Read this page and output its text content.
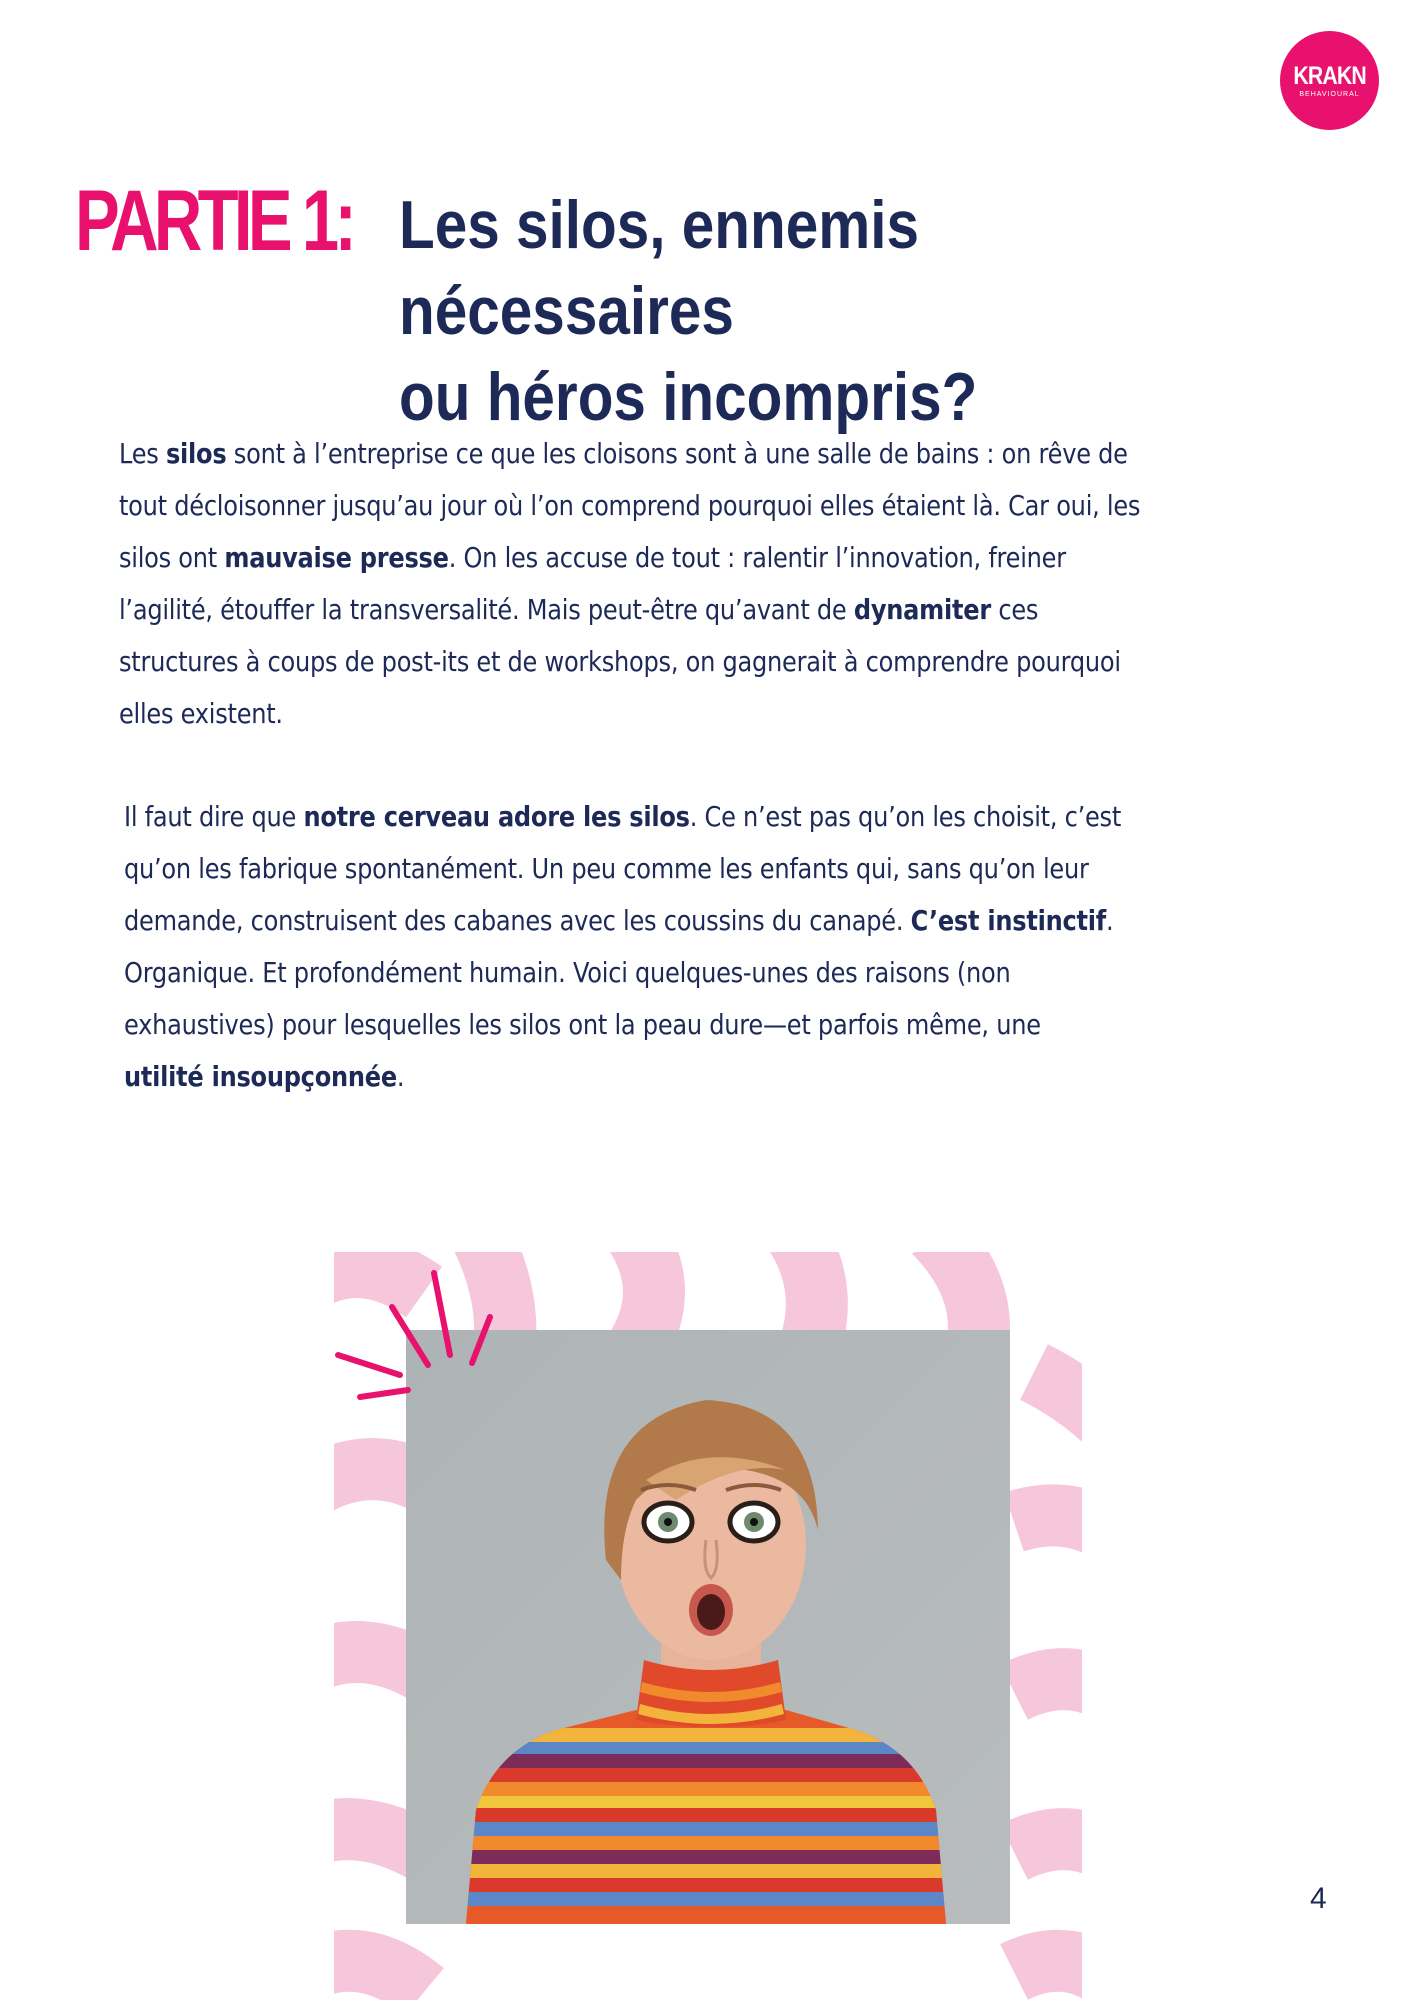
KRAKN
BEHAVIOURAL
PARTIE 1: Les silos, ennemis nécessaires
ou héros incompris?
Les silos sont à l’entreprise ce que les cloisons sont à une salle de bains : on rêve de
tout décloisonner jusqu’au jour où l’on comprend pourquoi elles étaient là. Car oui, les
silos ont mauvaise presse. On les accuse de tout : ralentir l’innovation, freiner
l’agilité, étouffer la transversalité. Mais peut-être qu’avant de dynamiter ces
structures à coups de post-its et de workshops, on gagnerait à comprendre pourquoi
elles existent.
Il faut dire que notre cerveau adore les silos. Ce n’est pas qu’on les choisit, c’est
qu’on les fabrique spontanément. Un peu comme les enfants qui, sans qu’on leur
demande, construisent des cabanes avec les coussins du canapé. C’est instinctif.
Organique. Et profondément humain. Voici quelques-unes des raisons (non
exhaustives) pour lesquelles les silos ont la peau dure—et parfois même, une
utilité insoupçonnée.
4
